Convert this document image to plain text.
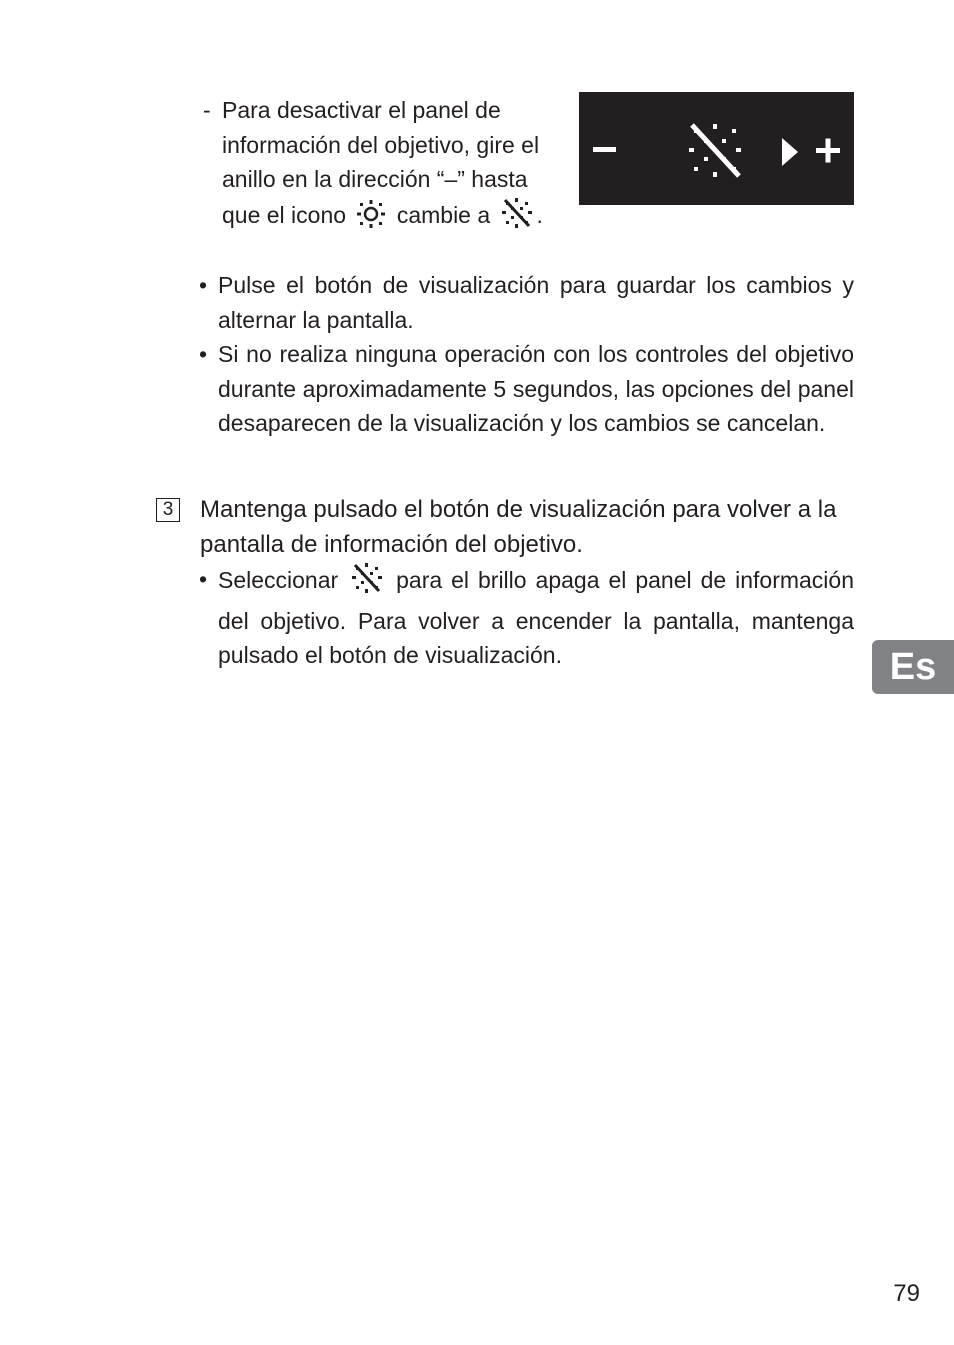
- Para desactivar el panel de información del objetivo, gire el anillo en la dirección “–” hasta que el icono cambie a .

• Pulse el botón de visualización para guardar los cambios y alternar la pantalla.

• Si no realiza ninguna operación con los controles del objetivo durante aproximadamente 5 segundos, las opciones del panel desaparecen de la visualización y los cambios se cancelan.

3 Mantenga pulsado el botón de visualización para volver a la pantalla de información del objetivo.

• Seleccionar	para el brillo apaga el panel de información del objetivo. Para volver a encender la pantalla, mantenga pulsado el botón de visualización.	Es
79
